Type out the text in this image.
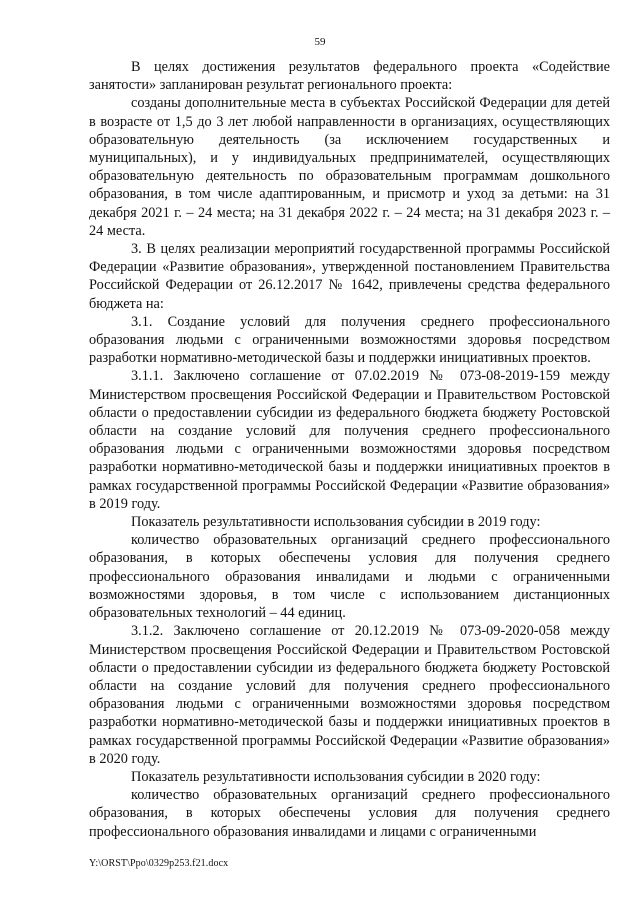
59

В целях достижения результатов федерального проекта «Содействие занятости» запланирован результат регионального проекта:

созданы дополнительные места в субъектах Российской Федерации для детей в возрасте от 1,5 до 3 лет любой направленности в организациях, осуществляющих образовательную деятельность (за исключением государственных и муниципальных), и у индивидуальных предпринимателей, осуществляющих образовательную деятельность по образовательным программам дошкольного образования, в том числе адаптированным, и присмотр и уход за детьми: на 31 декабря 2021 г. – 24 места; на 31 декабря 2022 г. – 24 места; на 31 декабря 2023 г. – 24 места.

3. В целях реализации мероприятий государственной программы Российской Федерации «Развитие образования», утвержденной постановлением Правительства Российской Федерации от 26.12.2017 № 1642, привлечены средства федерального бюджета на:

3.1. Создание условий для получения среднего профессионального образования людьми с ограниченными возможностями здоровья посредством разработки нормативно-методической базы и поддержки инициативных проектов.

3.1.1. Заключено соглашение от 07.02.2019 № 073-08-2019-159 между Министерством просвещения Российской Федерации и Правительством Ростовской области о предоставлении субсидии из федерального бюджета бюджету Ростовской области на создание условий для получения среднего профессионального образования людьми с ограниченными возможностями здоровья посредством разработки нормативно-методической базы и поддержки инициативных проектов в рамках государственной программы Российской Федерации «Развитие образования» в 2019 году.

Показатель результативности использования субсидии в 2019 году:

количество образовательных организаций среднего профессионального образования, в которых обеспечены условия для получения среднего профессионального образования инвалидами и людьми с ограниченными возможностями здоровья, в том числе с использованием дистанционных образовательных технологий – 44 единиц.

3.1.2. Заключено соглашение от 20.12.2019 № 073-09-2020-058 между Министерством просвещения Российской Федерации и Правительством Ростовской области о предоставлении субсидии из федерального бюджета бюджету Ростовской области на создание условий для получения среднего профессионального образования людьми с ограниченными возможностями здоровья посредством разработки нормативно-методической базы и поддержки инициативных проектов в рамках государственной программы Российской Федерации «Развитие образования» в 2020 году.

Показатель результативности использования субсидии в 2020 году:

количество образовательных организаций среднего профессионального образования, в которых обеспечены условия для получения среднего профессионального образования инвалидами и лицами с ограниченными

Y:\ORST\Ppo\0329p253.f21.docx
